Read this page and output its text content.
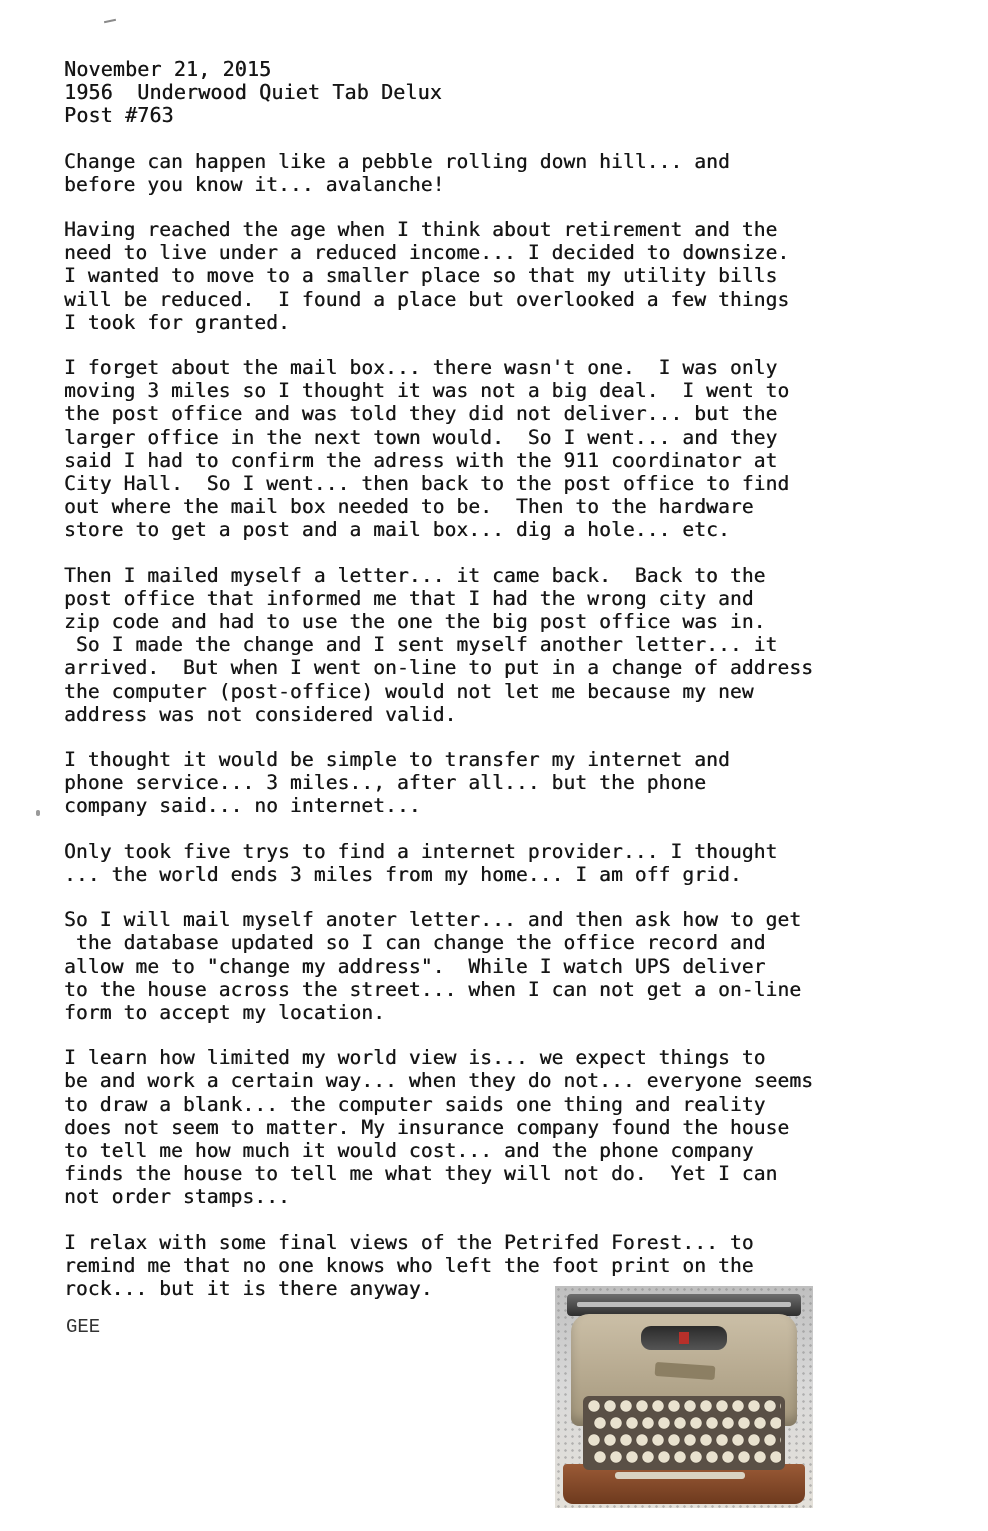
November 21, 2015
1956  Underwood Quiet Tab Delux
Post #763
Change can happen like a pebble rolling down hill... and
before you know it... avalanche!
Having reached the age when I think about retirement and the
need to live under a reduced income... I decided to downsize.
I wanted to move to a smaller place so that my utility bills
will be reduced.  I found a place but overlooked a few things
I took for granted.
I forget about the mail box... there wasn't one.  I was only
moving 3 miles so I thought it was not a big deal.  I went to
the post office and was told they did not deliver... but the
larger office in the next town would.  So I went... and they
said I had to confirm the adress with the 911 coordinator at
City Hall.  So I went... then back to the post office to find
out where the mail box needed to be.  Then to the hardware
store to get a post and a mail box... dig a hole... etc.
Then I mailed myself a letter... it came back.  Back to the
post office that informed me that I had the wrong city and
zip code and had to use the one the big post office was in.
So I made the change and I sent myself another letter... it
arrived.  But when I went on-line to put in a change of address
the computer (post-office) would not let me because my new
address was not considered valid.
I thought it would be simple to transfer my internet and
phone service... 3 miles.., after all... but the phone
company said... no internet...
Only took five trys to find a internet provider... I thought
... the world ends 3 miles from my home... I am off grid.
So I will mail myself anoter letter... and then ask how to get
the database updated so I can change the office record and
allow me to "change my address".  While I watch UPS deliver
to the house across the street... when I can not get a on-line
form to accept my location.
I learn how limited my world view is... we expect things to
be and work a certain way... when they do not... everyone seems
to draw a blank... the computer saids one thing and reality
does not seem to matter. My insurance company found the house
to tell me how much it would cost... and the phone company
finds the house to tell me what they will not do.  Yet I can
not order stamps...
I relax with some final views of the Petrifed Forest... to
remind me that no one knows who left the foot print on the
rock... but it is there anyway.
GEE
